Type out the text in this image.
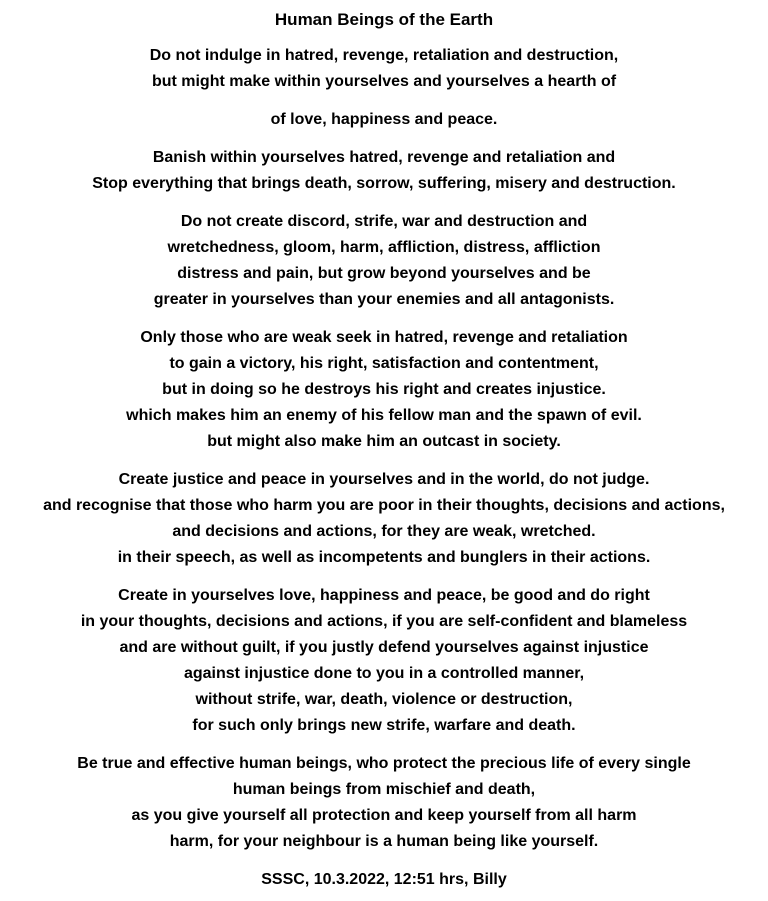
Human Beings of the Earth
Do not indulge in hatred, revenge, retaliation and destruction,
but might make within yourselves and yourselves a hearth of
of love, happiness and peace.
Banish within yourselves hatred, revenge and retaliation and
Stop everything that brings death, sorrow, suffering, misery and destruction.
Do not create discord, strife, war and destruction and
wretchedness, gloom, harm, affliction, distress, affliction
distress and pain, but grow beyond yourselves and be
greater in yourselves than your enemies and all antagonists.
Only those who are weak seek in hatred, revenge and retaliation
to gain a victory, his right, satisfaction and contentment,
but in doing so he destroys his right and creates injustice.
which makes him an enemy of his fellow man and the spawn of evil.
but might also make him an outcast in society.
Create justice and peace in yourselves and in the world, do not judge.
and recognise that those who harm you are poor in their thoughts, decisions and actions,
and decisions and actions, for they are weak, wretched.
in their speech, as well as incompetents and bunglers in their actions.
Create in yourselves love, happiness and peace, be good and do right
in your thoughts, decisions and actions, if you are self-confident and blameless
and are without guilt, if you justly defend yourselves against injustice
against injustice done to you in a controlled manner,
without strife, war, death, violence or destruction,
for such only brings new strife, warfare and death.
Be true and effective human beings, who protect the precious life of every single
human beings from mischief and death,
as you give yourself all protection and keep yourself from all harm
harm, for your neighbour is a human being like yourself.
SSSC, 10.3.2022, 12:51 hrs, Billy
